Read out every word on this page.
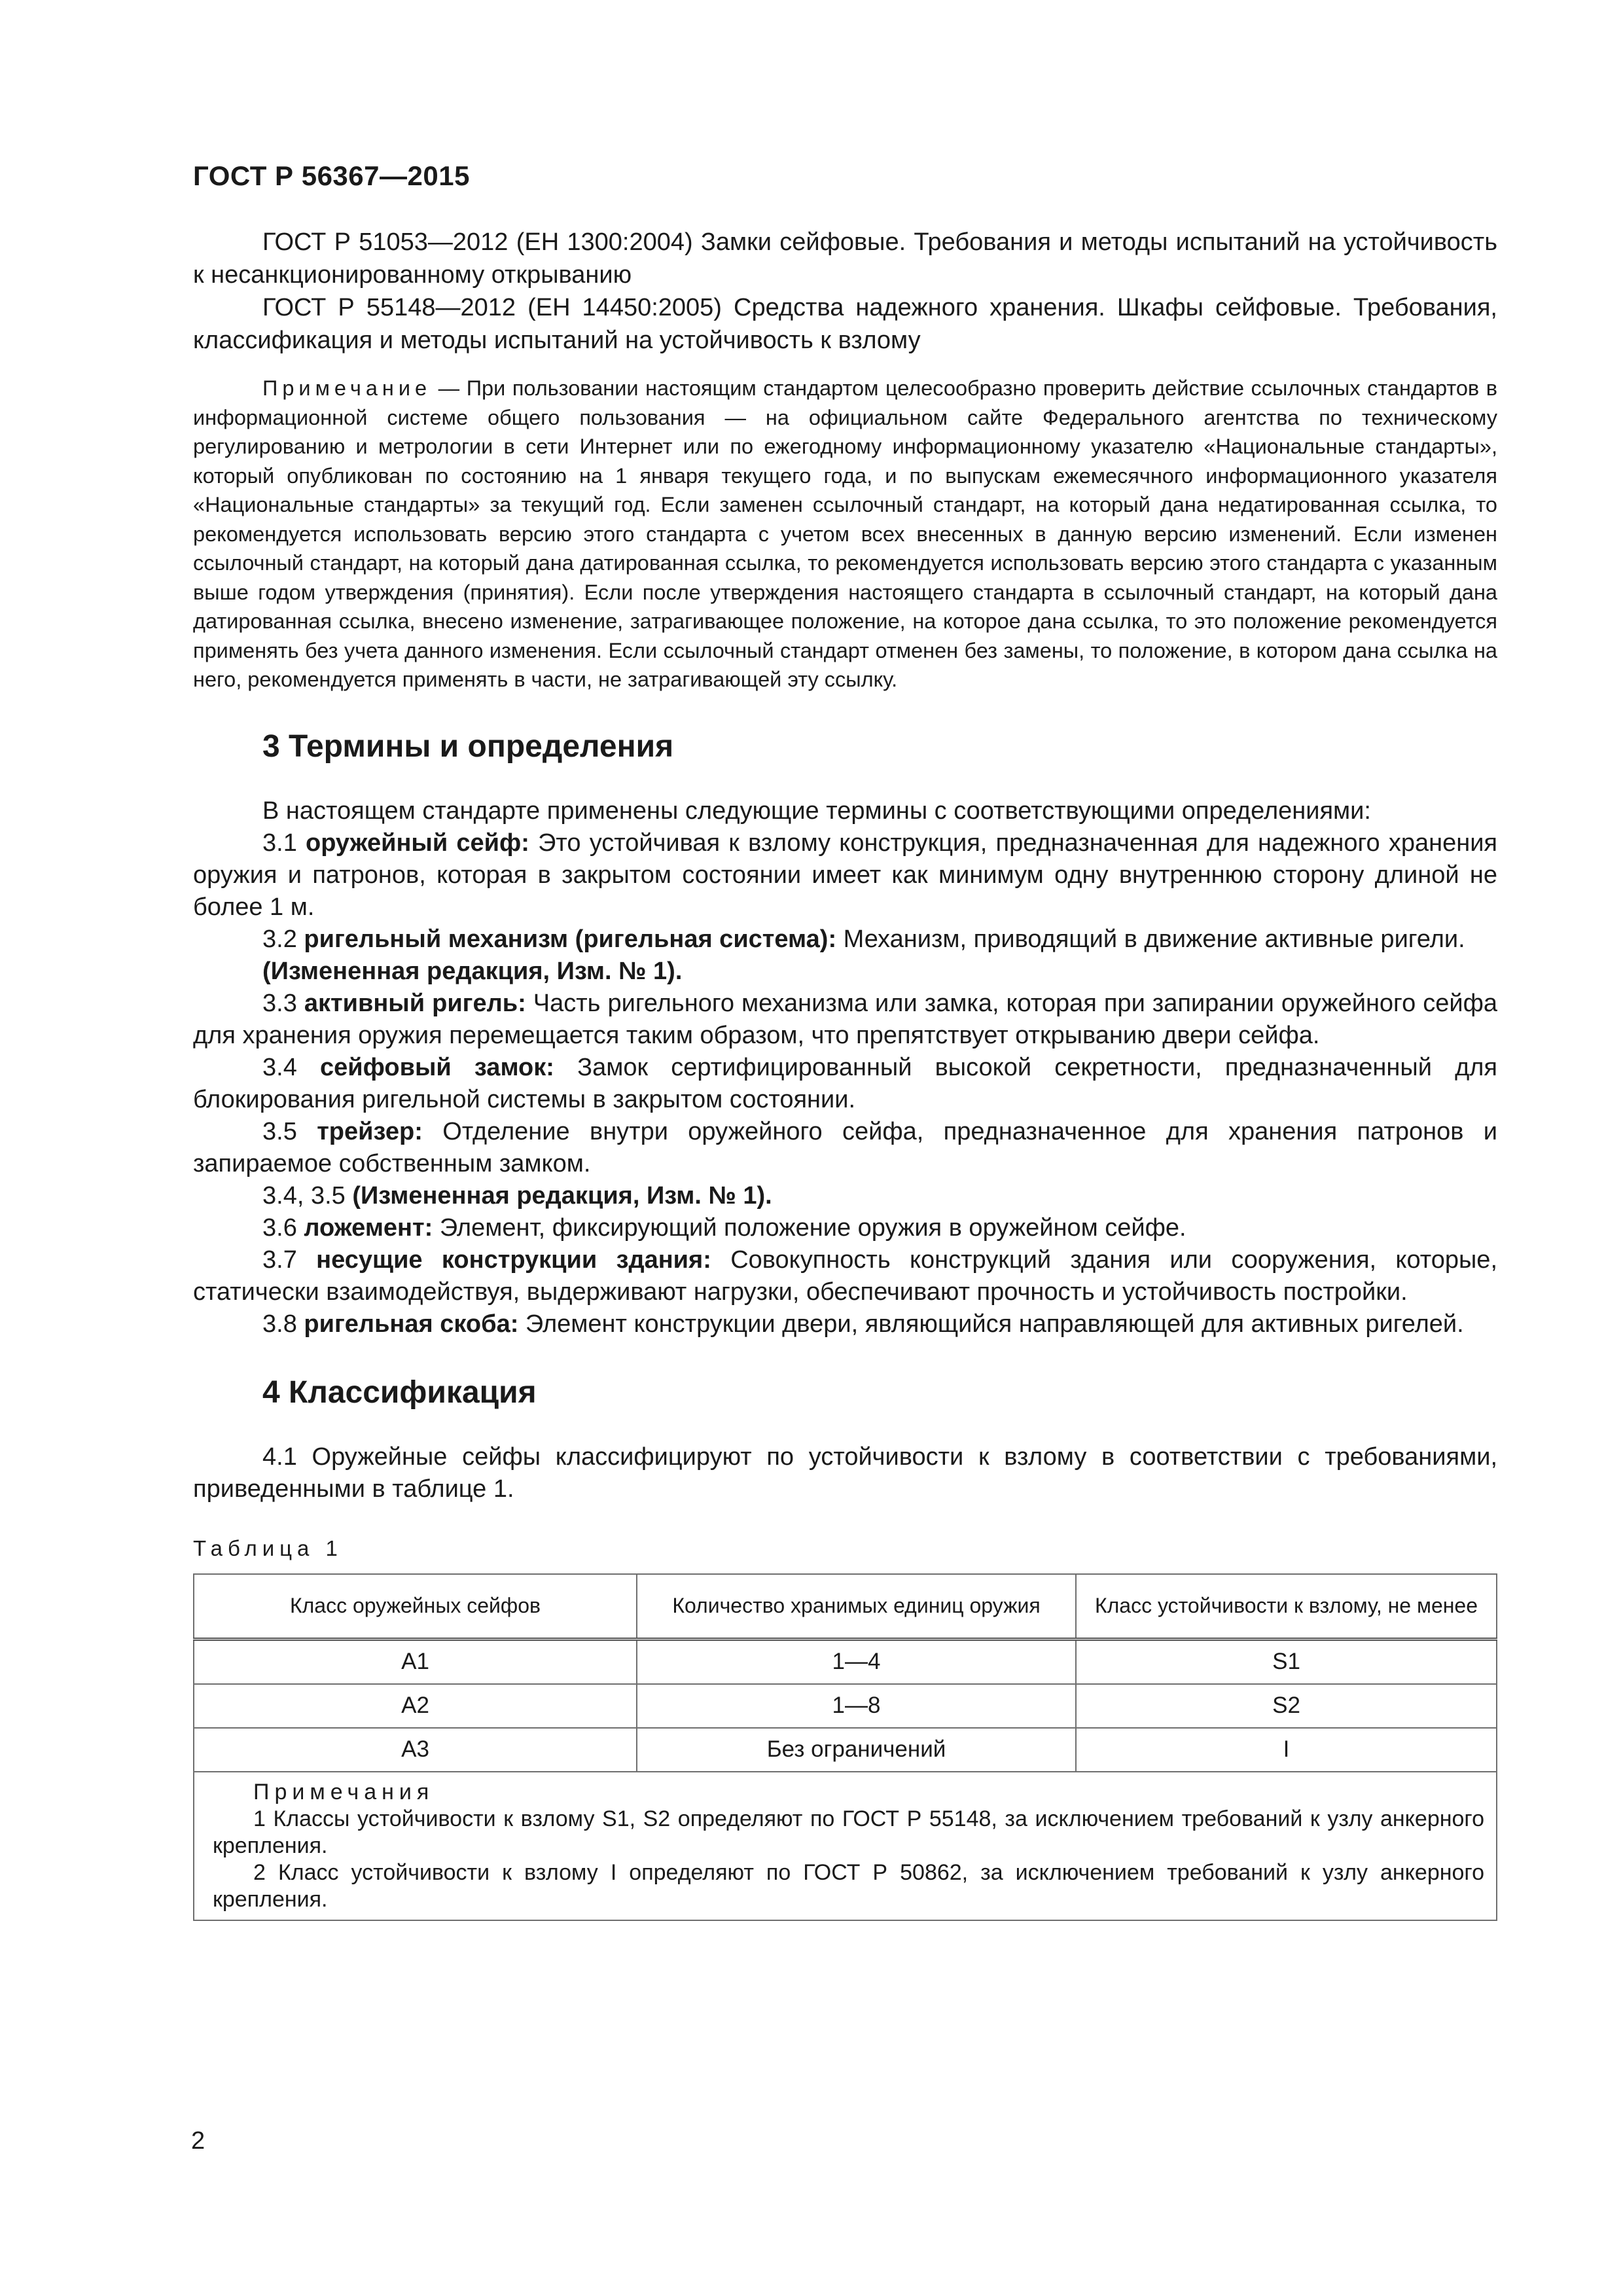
ГОСТ Р 56367—2015

ГОСТ Р 51053—2012 (ЕН 1300:2004) Замки сейфовые. Требования и методы испытаний на устойчивость к несанкционированному открыванию

ГОСТ Р 55148—2012 (ЕН 14450:2005) Средства надежного хранения. Шкафы сейфовые. Требования, классификация и методы испытаний на устойчивость к взлому

Примечание — При пользовании настоящим стандартом целесообразно проверить действие ссылочных стандартов в информационной системе общего пользования — на официальном сайте Федерального агентства по техническому регулированию и метрологии в сети Интернет или по ежегодному информационному указателю «Национальные стандарты», который опубликован по состоянию на 1 января текущего года, и по выпускам ежемесячного информационного указателя «Национальные стандарты» за текущий год. Если заменен ссылочный стандарт, на который дана недатированная ссылка, то рекомендуется использовать версию этого стандарта с учетом всех внесенных в данную версию изменений. Если изменен ссылочный стандарт, на который дана датированная ссылка, то рекомендуется использовать версию этого стандарта с указанным выше годом утверждения (принятия). Если после утверждения настоящего стандарта в ссылочный стандарт, на который дана датированная ссылка, внесено изменение, затрагивающее положение, на которое дана ссылка, то это положение рекомендуется применять без учета данного изменения. Если ссылочный стандарт отменен без замены, то положение, в котором дана ссылка на него, рекомендуется применять в части, не затрагивающей эту ссылку.

3 Термины и определения

В настоящем стандарте применены следующие термины с соответствующими определениями:

3.1 оружейный сейф: Это устойчивая к взлому конструкция, предназначенная для надежного хранения оружия и патронов, которая в закрытом состоянии имеет как минимум одну внутреннюю сторону длиной не более 1 м.

3.2 ригельный механизм (ригельная система): Механизм, приводящий в движение активные ригели.

(Измененная редакция, Изм. № 1).

3.3 активный ригель: Часть ригельного механизма или замка, которая при запирании оружейного сейфа для хранения оружия перемещается таким образом, что препятствует открыванию двери сейфа.

3.4 сейфовый замок: Замок сертифицированный высокой секретности, предназначенный для блокирования ригельной системы в закрытом состоянии.

3.5 трейзер: Отделение внутри оружейного сейфа, предназначенное для хранения патронов и запираемое собственным замком.

3.4, 3.5 (Измененная редакция, Изм. № 1).

3.6 ложемент: Элемент, фиксирующий положение оружия в оружейном сейфе.

3.7 несущие конструкции здания: Совокупность конструкций здания или сооружения, которые, статически взаимодействуя, выдерживают нагрузки, обеспечивают прочность и устойчивость постройки.

3.8 ригельная скоба: Элемент конструкции двери, являющийся направляющей для активных ригелей.

4 Классификация

4.1 Оружейные сейфы классифицируют по устойчивости к взлому в соответствии с требованиями, приведенными в таблице 1.

Таблица 1
Класс оружейных сейфов	Количество хранимых единиц оружия	Класс устойчивости к взлому, не менее
А1	1—4	S1
А2	1—8	S2
А3	Без ограничений	I

Примечания
1 Классы устойчивости к взлому S1, S2 определяют по ГОСТ Р 55148, за исключением требований к узлу анкерного крепления.
2 Класс устойчивости к взлому I определяют по ГОСТ Р 50862, за исключением требований к узлу анкерного крепления.		
2
